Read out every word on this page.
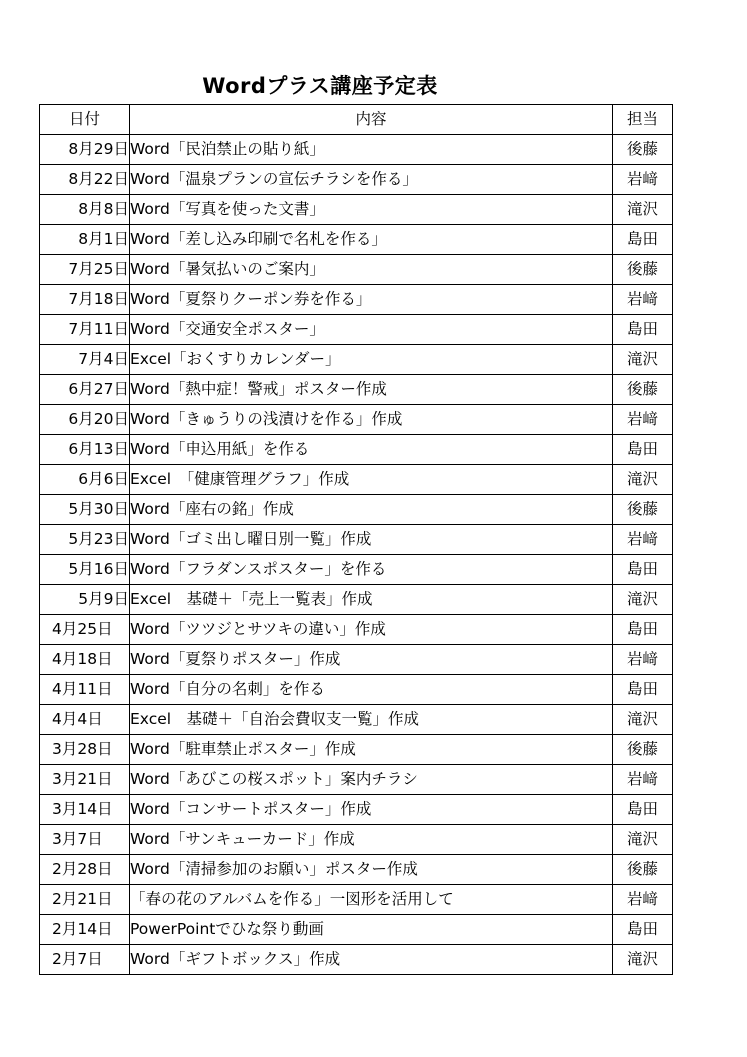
Wordプラス講座予定表
日付	内容	担当
8月29日	Word「民泊禁止の貼り紙」	後藤
8月22日	Word「温泉プランの宣伝チラシを作る」	岩﨑
8月8日	Word「写真を使った文書」	滝沢
8月1日	Word「差し込み印刷で名札を作る」	島田
7月25日	Word「暑気払いのご案内」	後藤
7月18日	Word「夏祭りクーポン券を作る」	岩﨑
7月11日	Word「交通安全ポスター」	島田
7月4日	Excel「おくすりカレンダー」	滝沢
6月27日	Word「熱中症！警戒」ポスター作成	後藤
6月20日	Word「きゅうりの浅漬けを作る」作成	岩﨑
6月13日	Word「申込用紙」を作る	島田
6月6日	Excel　「健康管理グラフ」作成	滝沢
5月30日	Word「座右の銘」作成	後藤
5月23日	Word「ゴミ出し曜日別一覧」作成	岩﨑
5月16日	Word「フラダンスポスター」を作る	島田
5月9日	Excel　基礎＋「売上一覧表」作成	滝沢
4月25日	Word「ツツジとサツキの違い」作成	島田
4月18日	Word「夏祭りポスター」作成	岩﨑
4月11日	Word「自分の名刺」を作る	島田
4月4日	Excel　基礎＋「自治会費収支一覧」作成	滝沢
3月28日	Word「駐車禁止ポスター」作成	後藤
3月21日	Word「あびこの桜スポット」案内チラシ	岩﨑
3月14日	Word「コンサートポスター」作成	島田
3月7日	Word「サンキューカード」作成	滝沢
2月28日	Word「清掃参加のお願い」ポスター作成	後藤
2月21日	「春の花のアルバムを作る」一図形を活用して	岩﨑
2月14日	PowerPointでひな祭り動画	島田
2月7日	Word「ギフトボックス」作成	滝沢
